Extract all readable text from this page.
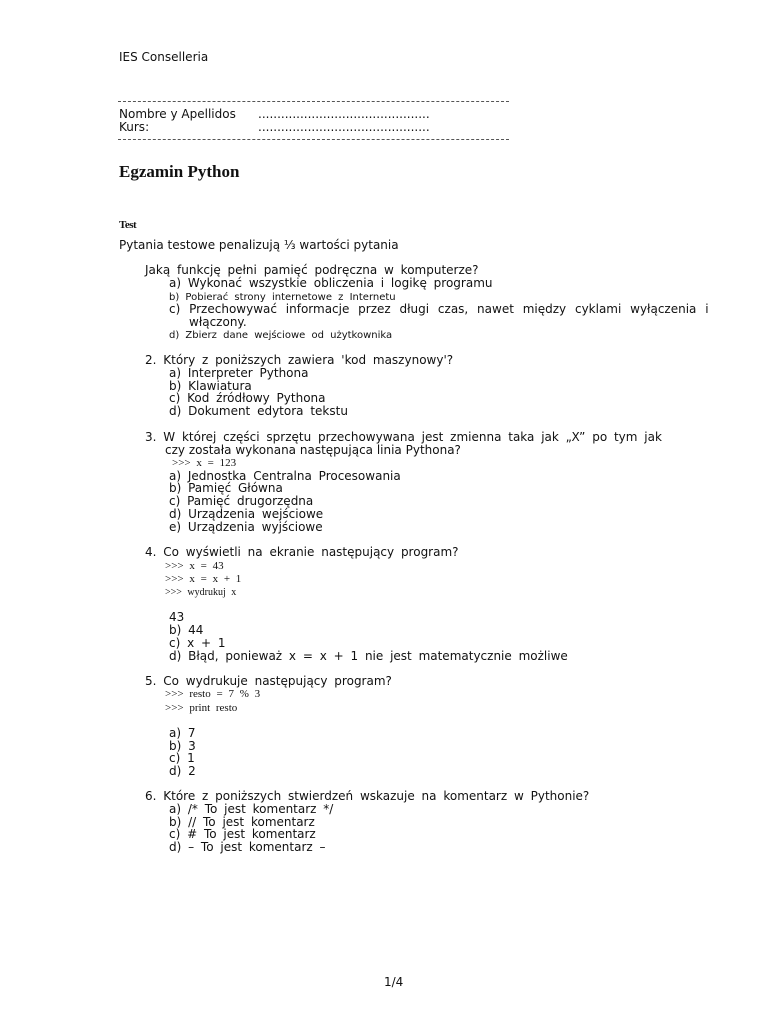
IES Conselleria
Nombre y Apellidos .............................................
Kurs:	.............................................
Egzamin Python
Test
Pytania testowe penalizują ⅓ wartości pytania
Jaką funkcję pełni pamięć podręczna w komputerze?
a) Wykonać wszystkie obliczenia i logikę programu
b) Pobierać strony internetowe z Internetu
c) Przechowywać informacje przez długi czas, nawet między cyklami wyłączenia i
włączony.
d) Zbierz dane wejściowe od użytkownika
2. Który z poniższych zawiera 'kod maszynowy'?
a) Interpreter Pythona
b) Klawiatura
c) Kod źródłowy Pythona
d) Dokument edytora tekstu
3. W której części sprzętu przechowywana jest zmienna taka jak „X” po tym jak
czy została wykonana następująca linia Pythona?
>>> x = 123
a) Jednostka Centralna Procesowania
b) Pamięć Główna
c) Pamięć drugorzędna
d) Urządzenia wejściowe
e) Urządzenia wyjściowe
4. Co wyświetli na ekranie następujący program?
>>> x = 43
>>> x = x + 1
>>> wydrukuj x
43
b) 44
c) x + 1
d) Błąd, ponieważ x = x + 1 nie jest matematycznie możliwe
5. Co wydrukuje następujący program?
>>> resto = 7 % 3
>>> print resto
a) 7
b) 3
c) 1
d) 2
6. Które z poniższych stwierdzeń wskazuje na komentarz w Pythonie?
a) /* To jest komentarz */
b) // To jest komentarz
c) # To jest komentarz
d) – To jest komentarz –
1/4
